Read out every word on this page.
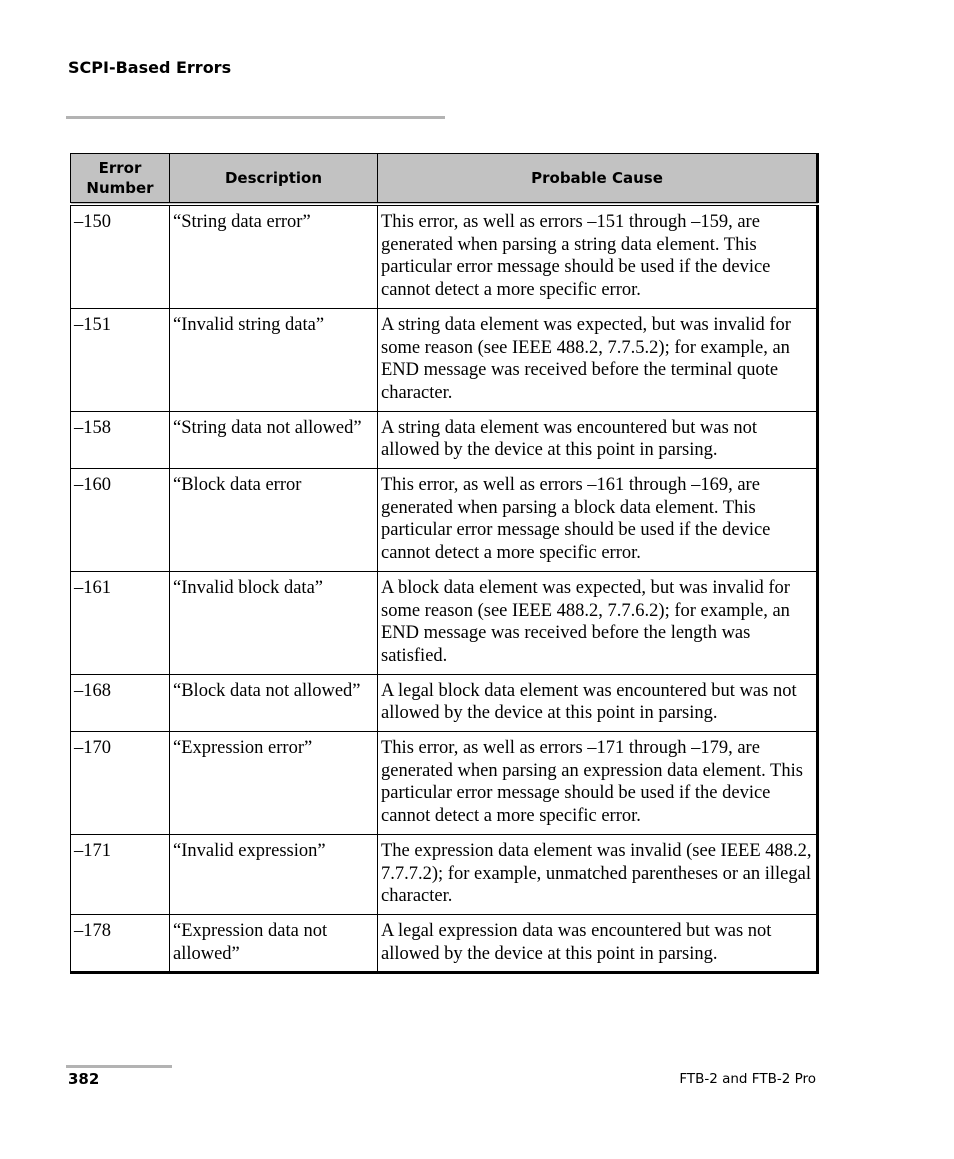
SCPI-Based Errors
Error
Number	Description	Probable Cause
–150	“String data error”	This error, as well as errors –151 through –159, are generated when parsing a string data element. This particular error message should be used if the device cannot detect a more specific error.
–151	“Invalid string data”	A string data element was expected, but was invalid for some reason (see IEEE 488.2, 7.7.5.2); for example, an END message was received before the terminal quote character.
–158	“String data not allowed”	A string data element was encountered but was not allowed by the device at this point in parsing.
–160	“Block data error	This error, as well as errors –161 through –169, are generated when parsing a block data element. This particular error message should be used if the device cannot detect a more specific error.
–161	“Invalid block data”	A block data element was expected, but was invalid for some reason (see IEEE 488.2, 7.7.6.2); for example, an END message was received before the length was satisfied.
–168	“Block data not allowed”	A legal block data element was encountered but was not allowed by the device at this point in parsing.
–170	“Expression error”	This error, as well as errors –171 through –179, are generated when parsing an expression data element. This particular error message should be used if the device cannot detect a more specific error.
–171	“Invalid expression”	The expression data element was invalid (see IEEE 488.2, 7.7.7.2); for example, unmatched parentheses or an illegal character.
–178	“Expression data not allowed”	A legal expression data was encountered but was not allowed by the device at this point in parsing.
382	FTB-2 and FTB-2 Pro
